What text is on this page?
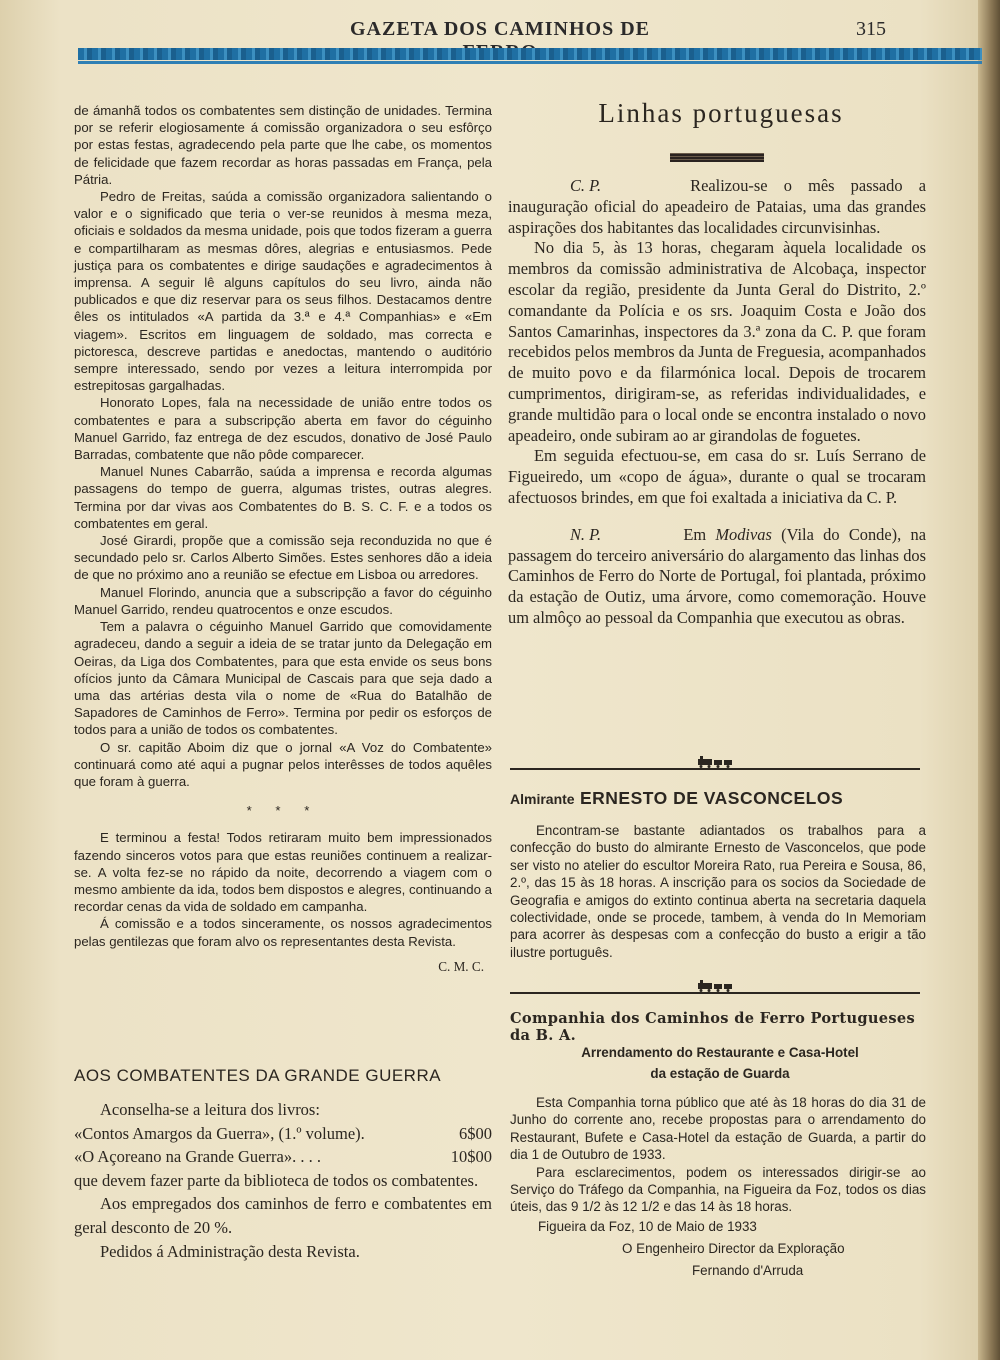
GAZETA DOS CAMINHOS DE	315

de ámanhã todos os combatentes sem distinção de unidades. Termina por se referir elogiosamente á comissão organizadora o seu esfôrço por estas festas, agradecendo pela parte que lhe cabe, os momentos de felicidade que fazem recordar as horas passadas em França, pela Pátria.

Pedro de Freitas, saúda a comissão organizadora salientando o valor e o significado que teria o ver-se reunidos à mesma meza, oficiais e soldados da mesma unidade, pois que todos fizeram a guerra e compartilharam as mesmas dôres, alegrias e entusiasmos. Pede justiça para os combatentes e dirige saudações e agradecimentos à imprensa. A seguir lê alguns capítulos do seu livro, ainda não publicados e que diz reservar para os seus filhos. Destacamos dentre êles os intitulados «A partida da 3.ª e 4.ª Companhias» e «Em viagem». Escritos em linguagem de soldado, mas correcta e pictoresca, descreve partidas e anedoctas, mantendo o auditório sempre interessado, sendo por vezes a leitura interrompida por estrepitosas gargalhadas.

Honorato Lopes, fala na necessidade de união entre todos os combatentes e para a subscripção aberta em favor do céguinho Manuel Garrido, faz entrega de dez escudos, donativo de José Paulo Barradas, combatente que não pôde comparecer.

Manuel Nunes Cabarrão, saúda a imprensa e recorda algumas passagens do tempo de guerra, algumas tristes, outras alegres. Termina por dar vivas aos Combatentes do B. S. C. F. e a todos os combatentes em geral.

José Girardi, propõe que a comissão seja reconduzida no que é secundado pelo sr. Carlos Alberto Simões. Estes senhores dão a ideia de que no próximo ano a reunião se efectue em Lisboa ou arredores.

Manuel Florindo, anuncia que a subscripção a favor do céguinho Manuel Garrido, rendeu quatrocentos e onze escudos.

Tem a palavra o céguinho Manuel Garrido que comovidamente agradeceu, dando a seguir a ideia de se tratar junto da Delegação em Oeiras, da Liga dos Combatentes, para que esta envide os seus bons ofícios junto da Câmara Municipal de Cascais para que seja dado a uma das artérias desta vila o nome de «Rua do Batalhão de Sapadores de Caminhos de Ferro». Termina por pedir os esforços de todos para a união de todos os combatentes.

O sr. capitão Aboim diz que o jornal «A Voz do Combatente» continuará como até aqui a pugnar pelos interêsses de todos aquêles que foram à guerra.

* * *

E terminou a festa! Todos retiraram muito bem impressionados fazendo sinceros votos para que estas reuniões continuem a realizar-se. A volta fez-se no rápido da noite, decorrendo a viagem com o mesmo ambiente da ida, todos bem dispostos e alegres, continuando a recordar cenas da vida de soldado em campanha.

Á comissão e a todos sinceramente, os nossos agradecimentos pelas gentilezas que foram alvo os representantes desta Revista.

C. M. C.
AOS COMBATENTES DA GRANDE GUERRA

Aconselha-se a leitura dos livros:

«Contos Amargos da Guerra», (1.º volume).	6$00
«O Açoreano na Grande Guerra». . . .	10$00

que devem fazer parte da biblioteca de todos os combatentes.

Aos empregados dos caminhos de ferro e combatentes em geral desconto de 20 %.

Pedidos á Administração desta Revista.

Linhas portuguesas

C. P.	Realizou-se o mês passado a inauguração oficial do apeadeiro de Pataias, uma das grandes aspirações dos habitantes das localidades circunvisinhas.

No dia 5, às 13 horas, chegaram àquela localidade os membros da comissão administrativa de Alcobaça, inspector escolar da região, presidente da Junta Geral do Distrito, 2.º comandante da Polícia e os srs. Joaquim Costa e João dos Santos Camarinhas, inspectores da 3.ª zona da C. P. que foram recebidos pelos membros da Junta de Freguesia, acompanhados de muito povo e da filarmónica local. Depois de trocarem cumprimentos, dirigiram-se, as referidas individualidades, e grande multidão para o local onde se encontra instalado o novo apeadeiro, onde subiram ao ar girandolas de foguetes.

Em seguida efectuou-se, em casa do sr. Luís Serrano de Figueiredo, um «copo de água», durante o qual se trocaram afectuosos brindes, em que foi exaltada a iniciativa da C. P.

N. P.	Em Modivas (Vila do Conde), na passagem do terceiro aniversário do alargamento das linhas dos Caminhos de Ferro do Norte de Portugal, foi plantada, próximo da estação de Outiz, uma árvore, como comemoração. Houve um almôço ao pessoal da Companhia que executou as obras.

Almirante ERNESTO DE VASCONCELOS

Encontram-se bastante adiantados os trabalhos para a confecção do busto do almirante Ernesto de Vasconcelos, que pode ser visto no atelier do escultor Moreira Rato, rua Pereira e Sousa, 86, 2.º, das 15 às 18 horas. A inscrição para os socios da Sociedade de Geografia e amigos do extinto continua aberta na secretaria daquela colectividade, onde se procede, tambem, à venda do In Memoriam para acorrer às despesas com a confecção do busto a erigir a tão ilustre português.

Companhia dos Caminhos de Ferro Portugueses da B. A.
Arrendamento do Restaurante e Casa-Hotel
da estação de Guarda

Esta Companhia torna público que até às 18 horas do dia 31 de Junho do corrente ano, recebe propostas para o arrendamento do Restaurant, Bufete e Casa-Hotel da estação de Guarda, a partir do dia 1 de Outubro de 1933.

Para esclarecimentos, podem os interessados dirigir-se ao Serviço do Tráfego da Companhia, na Figueira da Foz, todos os dias úteis, das 9 1/2 às 12 1/2 e das 14 às 18 horas.

Figueira da Foz, 10 de Maio de 1933
O Engenheiro Director da Exploração
Fernando d'Arruda
